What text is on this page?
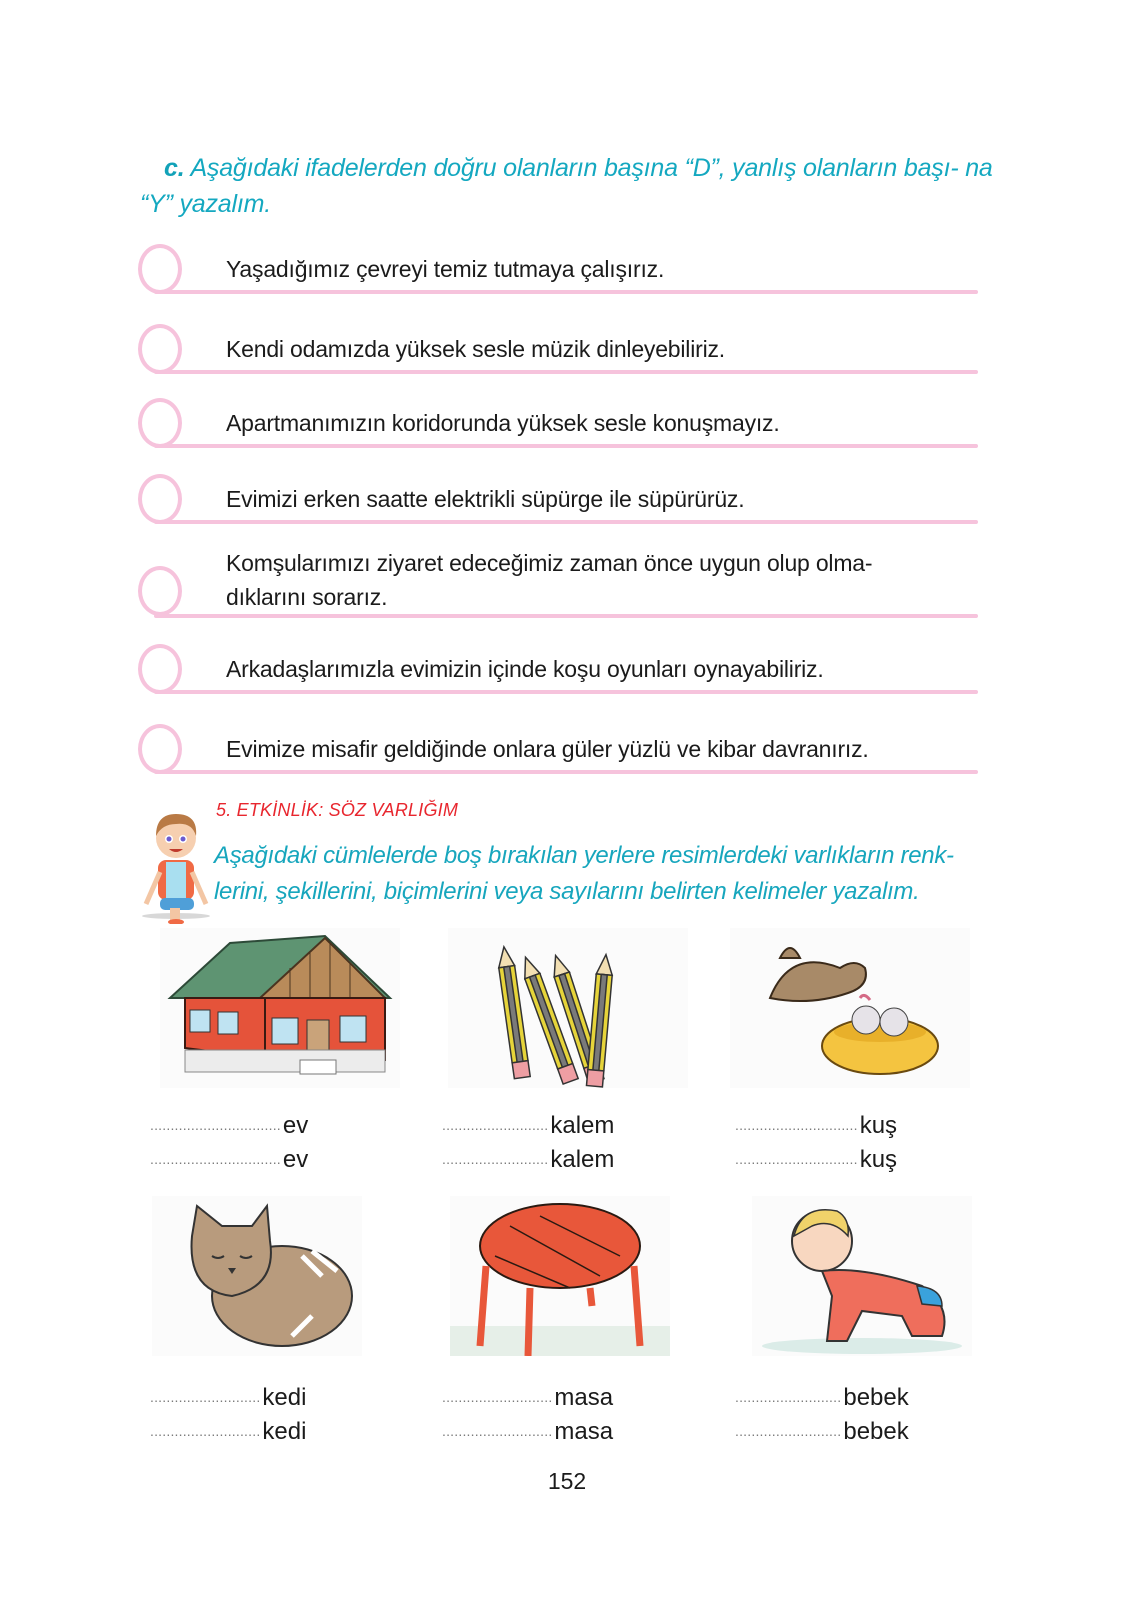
c. Aşağıdaki ifadelerden doğru olanların başına “D”, yanlış olanların başı- na “Y” yazalım.
Yaşadığımız çevreyi temiz tutmaya çalışırız.
Kendi odamızda yüksek sesle müzik dinleyebiliriz.
Apartmanımızın koridorunda yüksek sesle konuşmayız.
Evimizi erken saatte elektrikli süpürge ile süpürürüz.
Komşularımızı ziyaret edeceğimiz zaman önce uygun olup olma-
dıklarını sorarız.
Arkadaşlarımızla evimizin içinde koşu oyunları oynayabiliriz.
Evimize misafir geldiğinde onlara güler yüzlü ve kibar davranırız.
5. ETKİNLİK: SÖZ VARLIĞIM
Aşağıdaki cümlelerde boş bırakılan yerlere resimlerdeki varlıkların renk- lerini, şekillerini, biçimlerini veya sayılarını belirten kelimeler yazalım.
................................ev
................................ev
..........................kalem
..........................kalem
..............................kuş
..............................kuş
...........................kedi
...........................kedi
...........................masa
...........................masa
..........................bebek
..........................bebek
152
